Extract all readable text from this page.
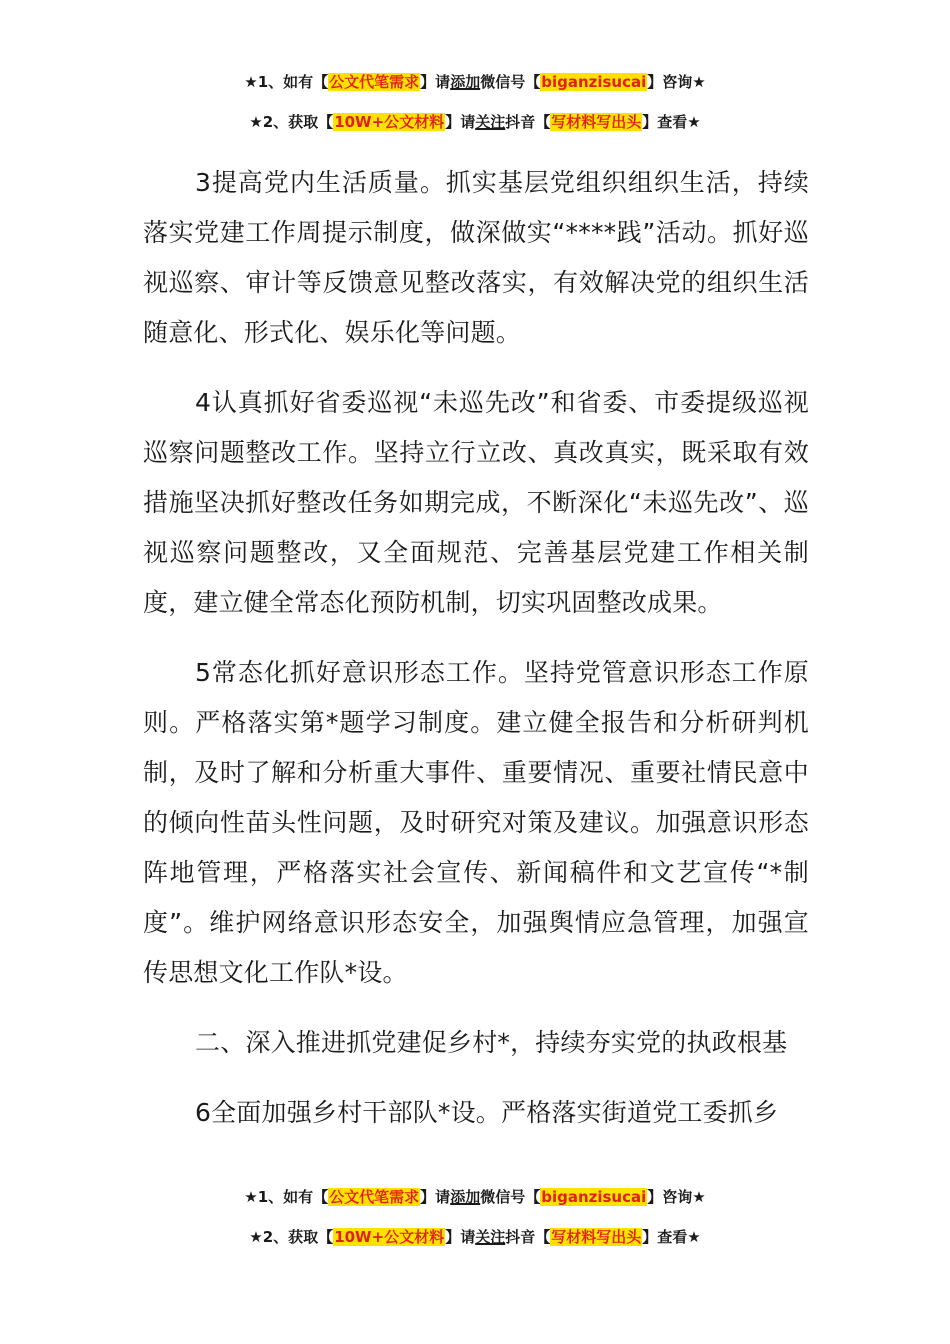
★1、如有【公文代笔需求】请添加微信号【biganzisucai】咨询★
★2、获取【10W+公文材料】请关注抖音【写材料写出头】查看★

3提高党内生活质量。抓实基层党组织组织生活，持续落实党建工作周提示制度，做深做实“****践”活动。抓好巡视巡察、审计等反馈意见整改落实，有效解决党的组织生活随意化、形式化、娱乐化等问题。

4认真抓好省委巡视“未巡先改”和省委、市委提级巡视巡察问题整改工作。坚持立行立改、真改真实，既采取有效措施坚决抓好整改任务如期完成，不断深化“未巡先改”、巡视巡察问题整改，又全面规范、完善基层党建工作相关制度，建立健全常态化预防机制，切实巩固整改成果。

5常态化抓好意识形态工作。坚持党管意识形态工作原则。严格落实第*题学习制度。建立健全报告和分析研判机制，及时了解和分析重大事件、重要情况、重要社情民意中的倾向性苗头性问题，及时研究对策及建议。加强意识形态阵地管理，严格落实社会宣传、新闻稿件和文艺宣传“*制度”。维护网络意识形态安全，加强舆情应急管理，加强宣传思想文化工作队*设。

二、深入推进抓党建促乡村*，持续夯实党的执政根基

6全面加强乡村干部队*设。严格落实街道党工委抓乡

★1、如有【公文代笔需求】请添加微信号【biganzisucai】咨询★
★2、获取【10W+公文材料】请关注抖音【写材料写出头】查看★
